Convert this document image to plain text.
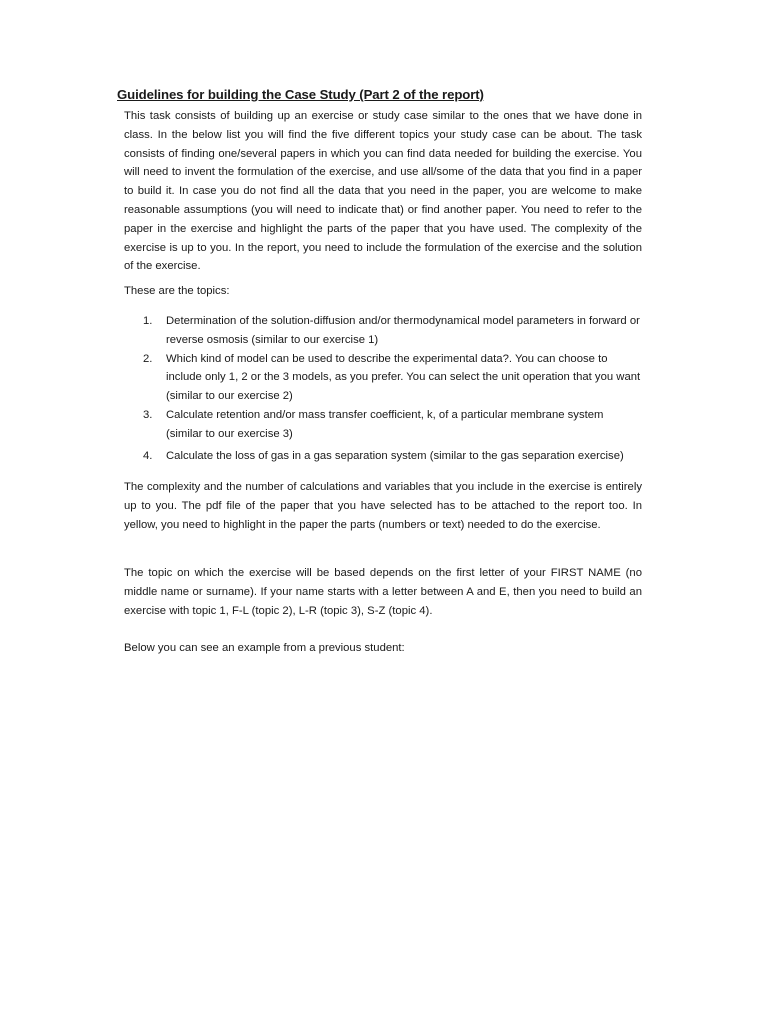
Guidelines for building the Case Study (Part 2 of the report)

This task consists of building up an exercise or study case similar to the ones that we have done in class. In the below list you will find the five different topics your study case can be about. The task consists of finding one/several papers in which you can find data needed for building the exercise. You will need to invent the formulation of the exercise, and use all/some of the data that you find in a paper to build it. In case you do not find all the data that you need in the paper, you are welcome to make reasonable assumptions (you will need to indicate that) or find another paper. You need to refer to the paper in the exercise and highlight the parts of the paper that you have used. The complexity of the exercise is up to you. In the report, you need to include the formulation of the exercise and the solution of the exercise.

These are the topics:

1. Determination of the solution-diffusion and/or thermodynamical model parameters in forward or reverse osmosis (similar to our exercise 1)
2. Which kind of model can be used to describe the experimental data?. You can choose to include only 1, 2 or the 3 models, as you prefer. You can select the unit operation that you want (similar to our exercise 2)
3. Calculate retention and/or mass transfer coefficient, k, of a particular membrane system (similar to our exercise 3)
4. Calculate the loss of gas in a gas separation system (similar to the gas separation exercise)

The complexity and the number of calculations and variables that you include in the exercise is entirely up to you. The pdf file of the paper that you have selected has to be attached to the report too. In yellow, you need to highlight in the paper the parts (numbers or text) needed to do the exercise.

The topic on which the exercise will be based depends on the first letter of your FIRST NAME (no middle name or surname). If your name starts with a letter between A and E, then you need to build an exercise with topic 1, F-L (topic 2), L-R (topic 3), S-Z (topic 4).

Below you can see an example from a previous student:
